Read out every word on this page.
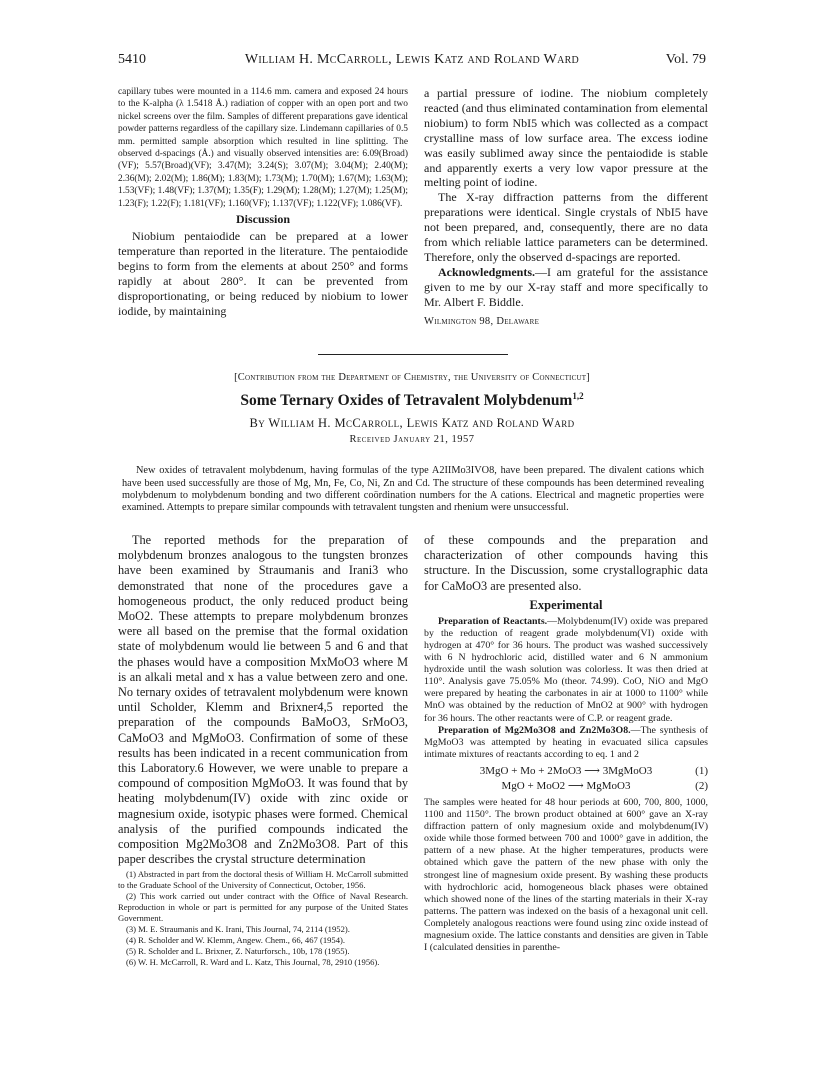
5410	William H. McCarroll, Lewis Katz and Roland Ward	Vol. 79

capillary tubes were mounted in a 114.6 mm. camera and exposed 24 hours to the K-alpha (λ 1.5418 Å.) radiation of copper with an open port and two nickel screens over the film. Samples of different preparations gave identical powder patterns regardless of the capillary size. Lindemann capillaries of 0.5 mm. permitted sample absorption which resulted in line splitting. The observed d-spacings (Å.) and visually observed intensities are: 6.09(Broad)(VF); 5.57(Broad)(VF); 3.47(M); 3.24(S); 3.07(M); 3.04(M); 2.40(M); 2.36(M); 2.02(M); 1.86(M); 1.83(M); 1.73(M); 1.70(M); 1.67(M); 1.63(M); 1.53(VF); 1.48(VF); 1.37(M); 1.35(F); 1.29(M); 1.28(M); 1.27(M); 1.25(M); 1.23(F); 1.22(F); 1.181(VF); 1.160(VF); 1.137(VF); 1.122(VF); 1.086(VF).

Discussion

Niobium pentaiodide can be prepared at a lower temperature than reported in the literature. The pentaiodide begins to form from the elements at about 250° and forms rapidly at about 280°. It can be prevented from disproportionating, or being reduced by niobium to lower iodide, by maintaining

a partial pressure of iodine. The niobium completely reacted (and thus eliminated contamination from elemental niobium) to form NbI5 which was collected as a compact crystalline mass of low surface area. The excess iodine was easily sublimed away since the pentaiodide is stable and apparently exerts a very low vapor pressure at the melting point of iodine.

The X-ray diffraction patterns from the different preparations were identical. Single crystals of NbI5 have not been prepared, and, consequently, there are no data from which reliable lattice parameters can be determined. Therefore, only the observed d-spacings are reported.

Acknowledgments.—I am grateful for the assistance given to me by our X-ray staff and more specifically to Mr. Albert F. Biddle.

Wilmington 98, Delaware

[Contribution from the Department of Chemistry, the University of Connecticut]
Some Ternary Oxides of Tetravalent Molybdenum$^{1,2}$
By William H. McCarroll, Lewis Katz and Roland Ward
Received January 21, 1957

New oxides of tetravalent molybdenum, having formulas of the type A2IIMo3IVO8, have been prepared. The divalent cations which have been used successfully are those of Mg, Mn, Fe, Co, Ni, Zn and Cd. The structure of these compounds has been determined revealing molybdenum to molybdenum bonding and two different coördination numbers for the A cations. Electrical and magnetic properties were examined. Attempts to prepare similar compounds with tetravalent tungsten and rhenium were unsuccessful.

The reported methods for the preparation of molybdenum bronzes analogous to the tungsten bronzes have been examined by Straumanis and Irani3 who demonstrated that none of the procedures gave a homogeneous product, the only reduced product being MoO2. These attempts to prepare molybdenum bronzes were all based on the premise that the formal oxidation state of molybdenum would lie between 5 and 6 and that the phases would have a composition MxMoO3 where M is an alkali metal and x has a value between zero and one. No ternary oxides of tetravalent molybdenum were known until Scholder, Klemm and Brixner4,5 reported the preparation of the compounds BaMoO3, SrMoO3, CaMoO3 and MgMoO3. Confirmation of some of these results has been indicated in a recent communication from this Laboratory.6 However, we were unable to prepare a compound of composition MgMoO3. It was found that by heating molybdenum(IV) oxide with zinc oxide or magnesium oxide, isotypic phases were formed. Chemical analysis of the purified compounds indicated the composition Mg2Mo3O8 and Zn2Mo3O8. Part of this paper describes the crystal structure determination

(1) Abstracted in part from the doctoral thesis of William H. McCarroll submitted to the Graduate School of the University of Connecticut, October, 1956.

(2) This work carried out under contract with the Office of Naval Research. Reproduction in whole or part is permitted for any purpose of the United States Government.

(3) M. E. Straumanis and K. Irani, This Journal, 74, 2114 (1952).

(4) R. Scholder and W. Klemm, Angew. Chem., 66, 467 (1954).

(5) R. Scholder and L. Brixner, Z. Naturforsch., 10b, 178 (1955).

(6) W. H. McCarroll, R. Ward and L. Katz, This Journal, 78, 2910 (1956).

of these compounds and the preparation and characterization of other compounds having this structure. In the Discussion, some crystallographic data for CaMoO3 are presented also.

Experimental

Preparation of Reactants.—Molybdenum(IV) oxide was prepared by the reduction of reagent grade molybdenum(VI) oxide with hydrogen at 470° for 36 hours. The product was washed successively with 6 N hydrochloric acid, distilled water and 6 N ammonium hydroxide until the wash solution was colorless. It was then dried at 110°. Analysis gave 75.05% Mo (theor. 74.99). CoO, NiO and MgO were prepared by heating the carbonates in air at 1000 to 1100° while MnO was obtained by the reduction of MnO2 at 900° with hydrogen for 36 hours. The other reactants were of C.P. or reagent grade.

Preparation of Mg2Mo3O8 and Zn2Mo3O8.—The synthesis of MgMoO3 was attempted by heating in evacuated silica capsules intimate mixtures of reactants according to eq. 1 and 2

3MgO + Mo + 2MoO3 ⟶ 3MgMoO3	(1)
MgO + MoO2 ⟶ MgMoO3	(2)

The samples were heated for 48 hour periods at 600, 700, 800, 1000, 1100 and 1150°. The brown product obtained at 600° gave an X-ray diffraction pattern of only magnesium oxide and molybdenum(IV) oxide while those formed between 700 and 1000° gave in addition, the pattern of a new phase. At the higher temperatures, products were obtained which gave the pattern of the new phase with only the strongest line of magnesium oxide present. By washing these products with hydrochloric acid, homogeneous black phases were obtained which showed none of the lines of the starting materials in their X-ray patterns. The pattern was indexed on the basis of a hexagonal unit cell. Completely analogous reactions were found using zinc oxide instead of magnesium oxide. The lattice constants and densities are given in Table I (calculated densities in parenthe-
